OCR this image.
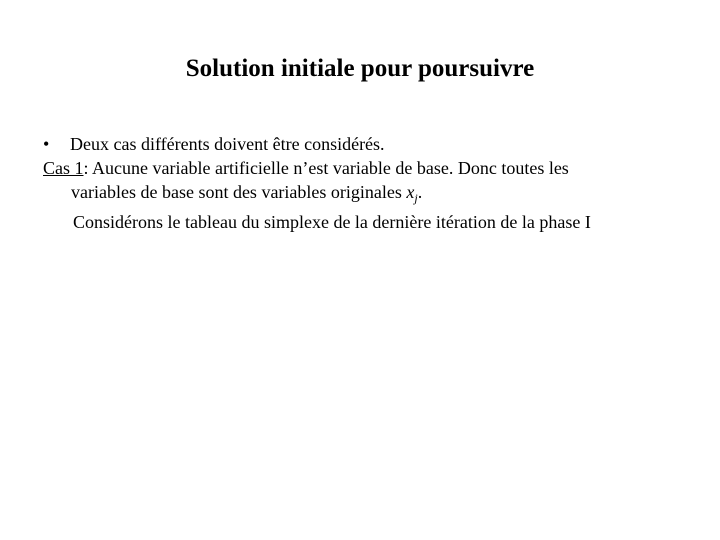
Solution initiale pour poursuivre
•	Deux cas différents doivent être considérés.
Cas 1: Aucune variable artificielle n’est variable de base. Donc toutes les
variables de base sont des variables originales $x_j$.
Considérons le tableau du simplexe de la dernière itération de la phase I
